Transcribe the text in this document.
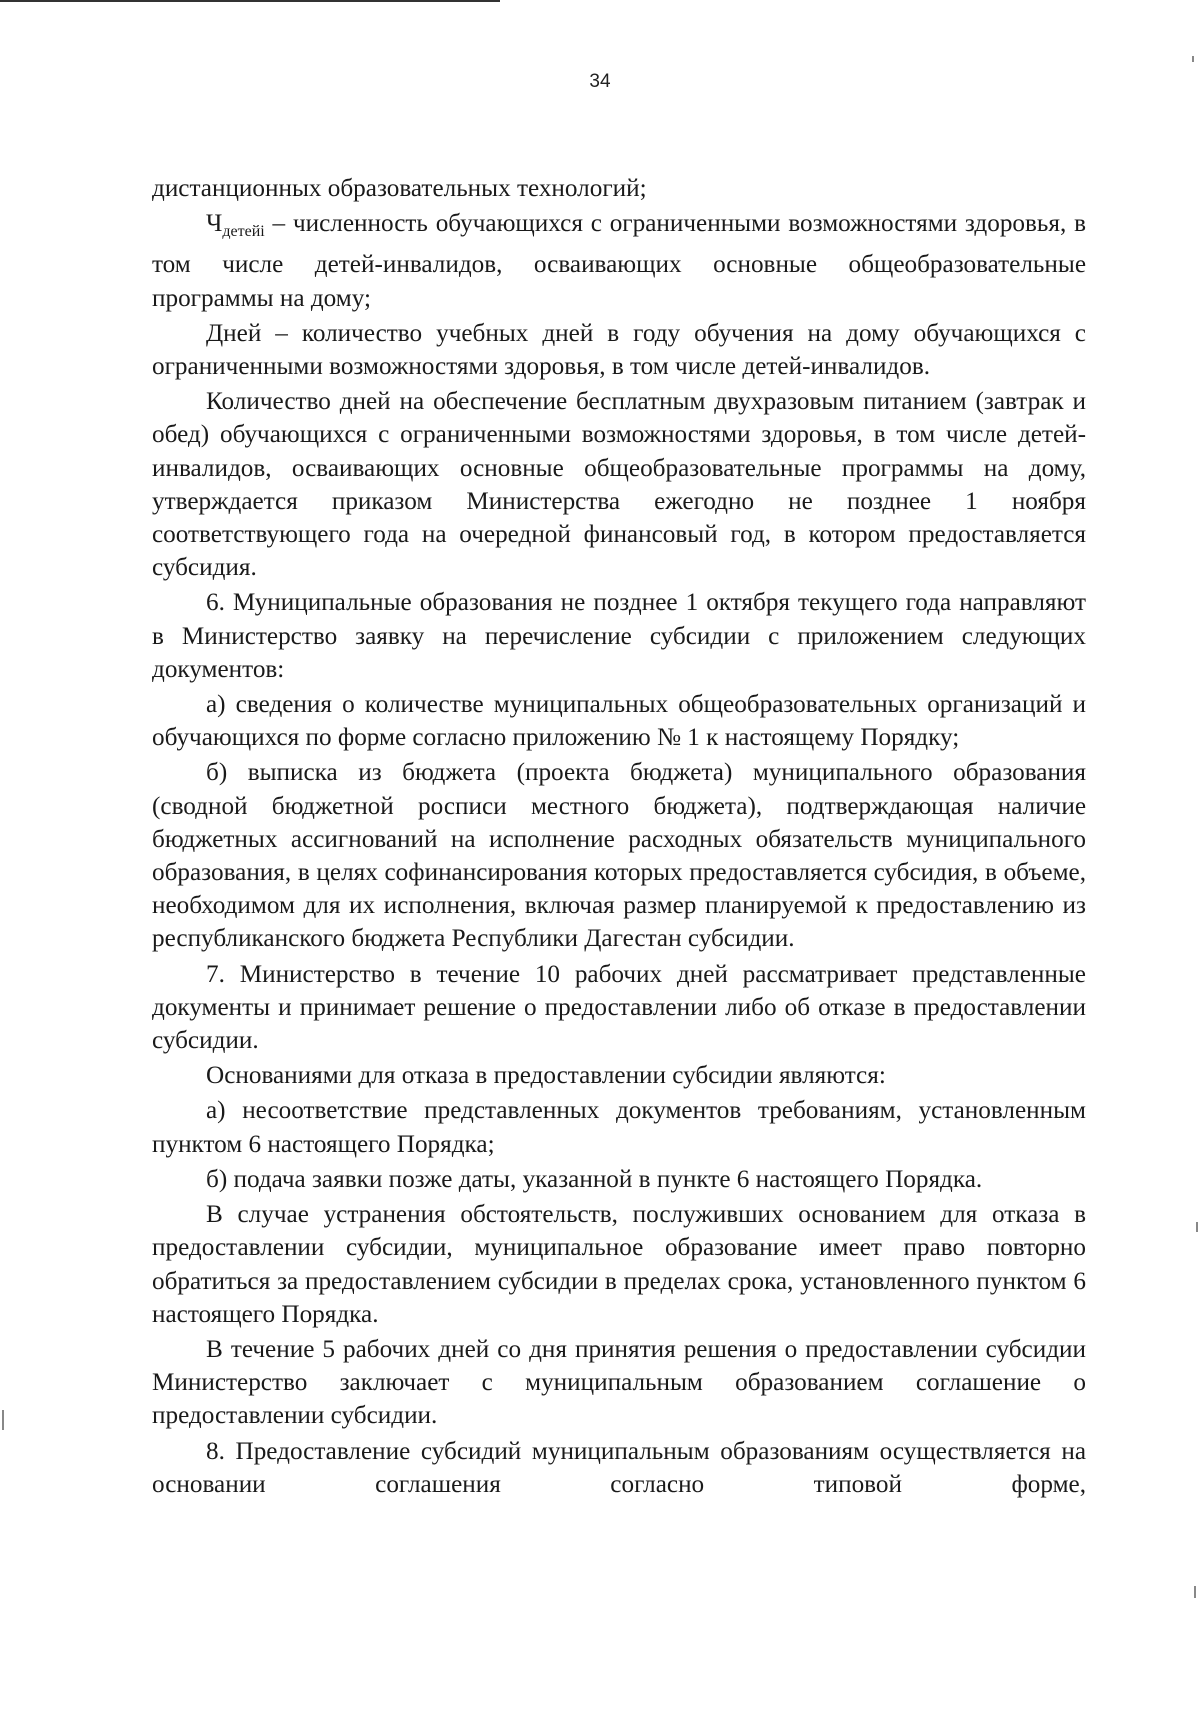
34

дистанционных образовательных технологий;

$Ч_{детейi}$ – численность обучающихся с ограниченными возможностями здоровья, в том числе детей-инвалидов, осваивающих основные общеобразовательные программы на дому;

Дней – количество учебных дней в году обучения на дому обучающихся с ограниченными возможностями здоровья, в том числе детей-инвалидов.

Количество дней на обеспечение бесплатным двухразовым питанием (завтрак и обед) обучающихся с ограниченными возможностями здоровья, в том числе детей-инвалидов, осваивающих основные общеобразовательные программы на дому, утверждается приказом Министерства ежегодно не позднее 1 ноября соответствующего года на очередной финансовый год, в котором предоставляется субсидия.

6. Муниципальные образования не позднее 1 октября текущего года направляют в Министерство заявку на перечисление субсидии с приложением следующих документов:

а) сведения о количестве муниципальных общеобразовательных организаций и обучающихся по форме согласно приложению № 1 к настоящему Порядку;

б) выписка из бюджета (проекта бюджета) муниципального образования (сводной бюджетной росписи местного бюджета), подтверждающая наличие бюджетных ассигнований на исполнение расходных обязательств муниципального образования, в целях софинансирования которых предоставляется субсидия, в объеме, необходимом для их исполнения, включая размер планируемой к предоставлению из республиканского бюджета Республики Дагестан субсидии.

7. Министерство в течение 10 рабочих дней рассматривает представленные документы и принимает решение о предоставлении либо об отказе в предоставлении субсидии.

Основаниями для отказа в предоставлении субсидии являются:

а) несоответствие представленных документов требованиям, установленным пунктом 6 настоящего Порядка;

б) подача заявки позже даты, указанной в пункте 6 настоящего Порядка.

В случае устранения обстоятельств, послуживших основанием для отказа в предоставлении субсидии, муниципальное образование имеет право повторно обратиться за предоставлением субсидии в пределах срока, установленного пунктом 6 настоящего Порядка.

В течение 5 рабочих дней со дня принятия решения о предоставлении субсидии Министерство заключает с муниципальным образованием соглашение о предоставлении субсидии.

8. Предоставление субсидий муниципальным образованиям осуществляется на основании соглашения согласно типовой форме,
